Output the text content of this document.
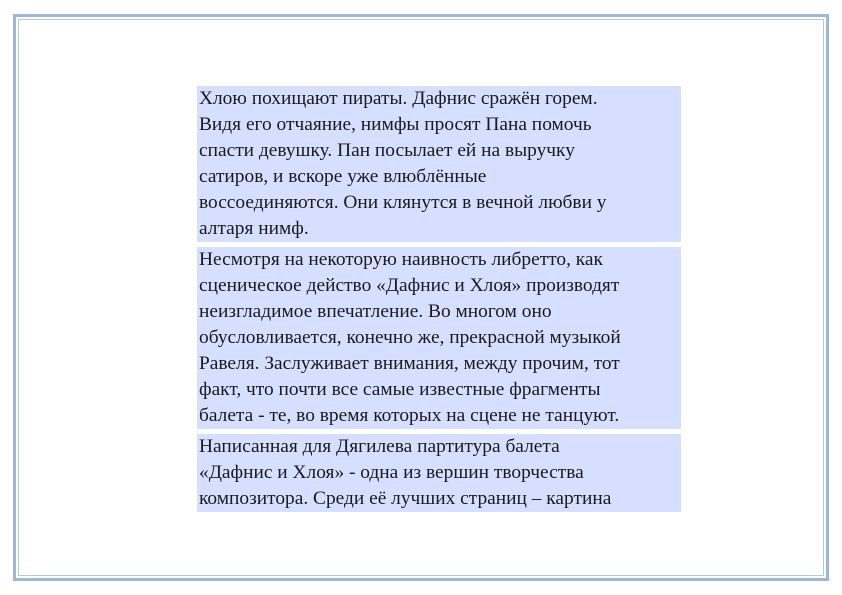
Хлою похищают пираты. Дафнис сражён горем.
Видя его отчаяние, нимфы просят Пана помочь
спасти девушку. Пан посылает ей на выручку
сатиров, и вскоре уже влюблённые
воссоединяются. Они клянутся в вечной любви у
алтаря нимф.

Несмотря на некоторую наивность либретто, как
сценическое действо «Дафнис и Хлоя» производят
неизгладимое впечатление. Во многом оно
обусловливается, конечно же, прекрасной музыкой
Равеля. Заслуживает внимания, между прочим, тот
факт, что почти все самые известные фрагменты
балета - те, во время которых на сцене не танцуют.

Написанная для Дягилева партитура балета
«Дафнис и Хлоя» - одна из вершин творчества
композитора. Среди её лучших страниц – картина
